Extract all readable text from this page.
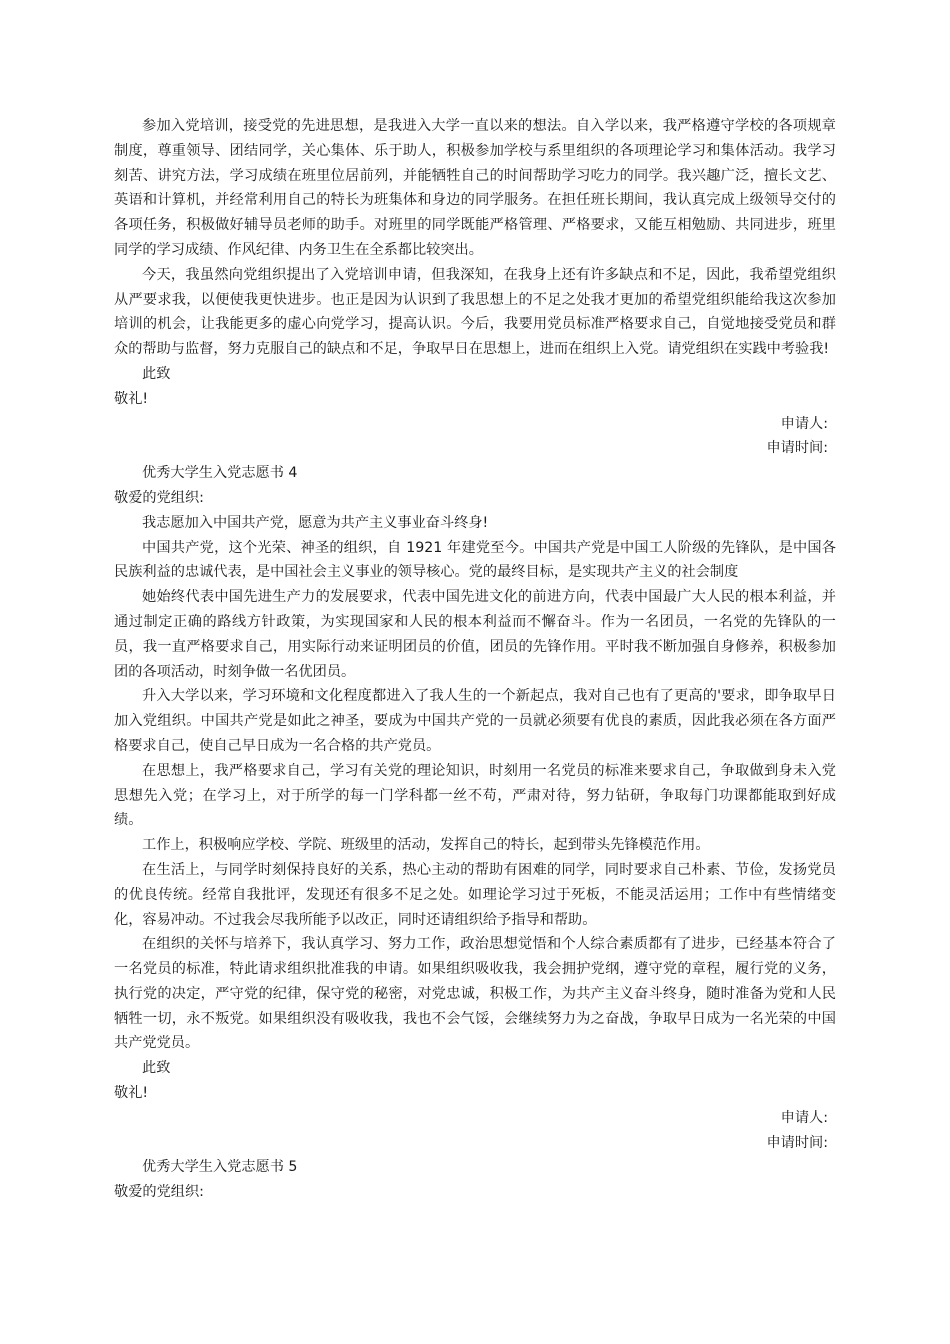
参加入党培训，接受党的先进思想，是我进入大学一直以来的想法。自入学以来，我严格遵守学校的各项规章制度，尊重领导、团结同学，关心集体、乐于助人，积极参加学校与系里组织的各项理论学习和集体活动。我学习刻苦、讲究方法，学习成绩在班里位居前列，并能牺牲自己的时间帮助学习吃力的同学。我兴趣广泛，擅长文艺、英语和计算机，并经常利用自己的特长为班集体和身边的同学服务。在担任班长期间，我认真完成上级领导交付的各项任务，积极做好辅导员老师的助手。对班里的同学既能严格管理、严格要求，又能互相勉励、共同进步，班里同学的学习成绩、作风纪律、内务卫生在全系都比较突出。

今天，我虽然向党组织提出了入党培训申请，但我深知，在我身上还有许多缺点和不足，因此，我希望党组织从严要求我，以便使我更快进步。也正是因为认识到了我思想上的不足之处我才更加的希望党组织能给我这次参加培训的机会，让我能更多的虚心向党学习，提高认识。今后，我要用党员标准严格要求自己，自觉地接受党员和群众的帮助与监督，努力克服自己的缺点和不足，争取早日在思想上，进而在组织上入党。请党组织在实践中考验我!

此致

敬礼!

申请人:

申请时间:

优秀大学生入党志愿书 4

敬爱的党组织:

我志愿加入中国共产党，愿意为共产主义事业奋斗终身!

中国共产党，这个光荣、神圣的组织，自 1921 年建党至今。中国共产党是中国工人阶级的先锋队，是中国各民族利益的忠诚代表，是中国社会主义事业的领导核心。党的最终目标，是实现共产主义的社会制度

她始终代表中国先进生产力的发展要求，代表中国先进文化的前进方向，代表中国最广大人民的根本利益，并通过制定正确的路线方针政策，为实现国家和人民的根本利益而不懈奋斗。作为一名团员，一名党的先锋队的一员，我一直严格要求自己，用实际行动来证明团员的价值，团员的先锋作用。平时我不断加强自身修养，积极参加团的各项活动，时刻争做一名优团员。

升入大学以来，学习环境和文化程度都进入了我人生的一个新起点，我对自己也有了更高的'要求，即争取早日加入党组织。中国共产党是如此之神圣，要成为中国共产党的一员就必须要有优良的素质，因此我必须在各方面严格要求自己，使自己早日成为一名合格的共产党员。

在思想上，我严格要求自己，学习有关党的理论知识，时刻用一名党员的标准来要求自己，争取做到身未入党思想先入党；在学习上，对于所学的每一门学科都一丝不苟，严肃对待，努力钻研，争取每门功课都能取到好成绩。

工作上，积极响应学校、学院、班级里的活动，发挥自己的特长，起到带头先锋模范作用。

在生活上，与同学时刻保持良好的关系，热心主动的帮助有困难的同学，同时要求自己朴素、节俭，发扬党员的优良传统。经常自我批评，发现还有很多不足之处。如理论学习过于死板，不能灵活运用；工作中有些情绪变化，容易冲动。不过我会尽我所能予以改正，同时还请组织给予指导和帮助。

在组织的关怀与培养下，我认真学习、努力工作，政治思想觉悟和个人综合素质都有了进步，已经基本符合了一名党员的标准，特此请求组织批准我的申请。如果组织吸收我，我会拥护党纲，遵守党的章程，履行党的义务，执行党的决定，严守党的纪律，保守党的秘密，对党忠诚，积极工作，为共产主义奋斗终身，随时准备为党和人民牺牲一切，永不叛党。如果组织没有吸收我，我也不会气馁，会继续努力为之奋战，争取早日成为一名光荣的中国共产党党员。

此致

敬礼!

申请人:

申请时间:

优秀大学生入党志愿书 5

敬爱的党组织:
